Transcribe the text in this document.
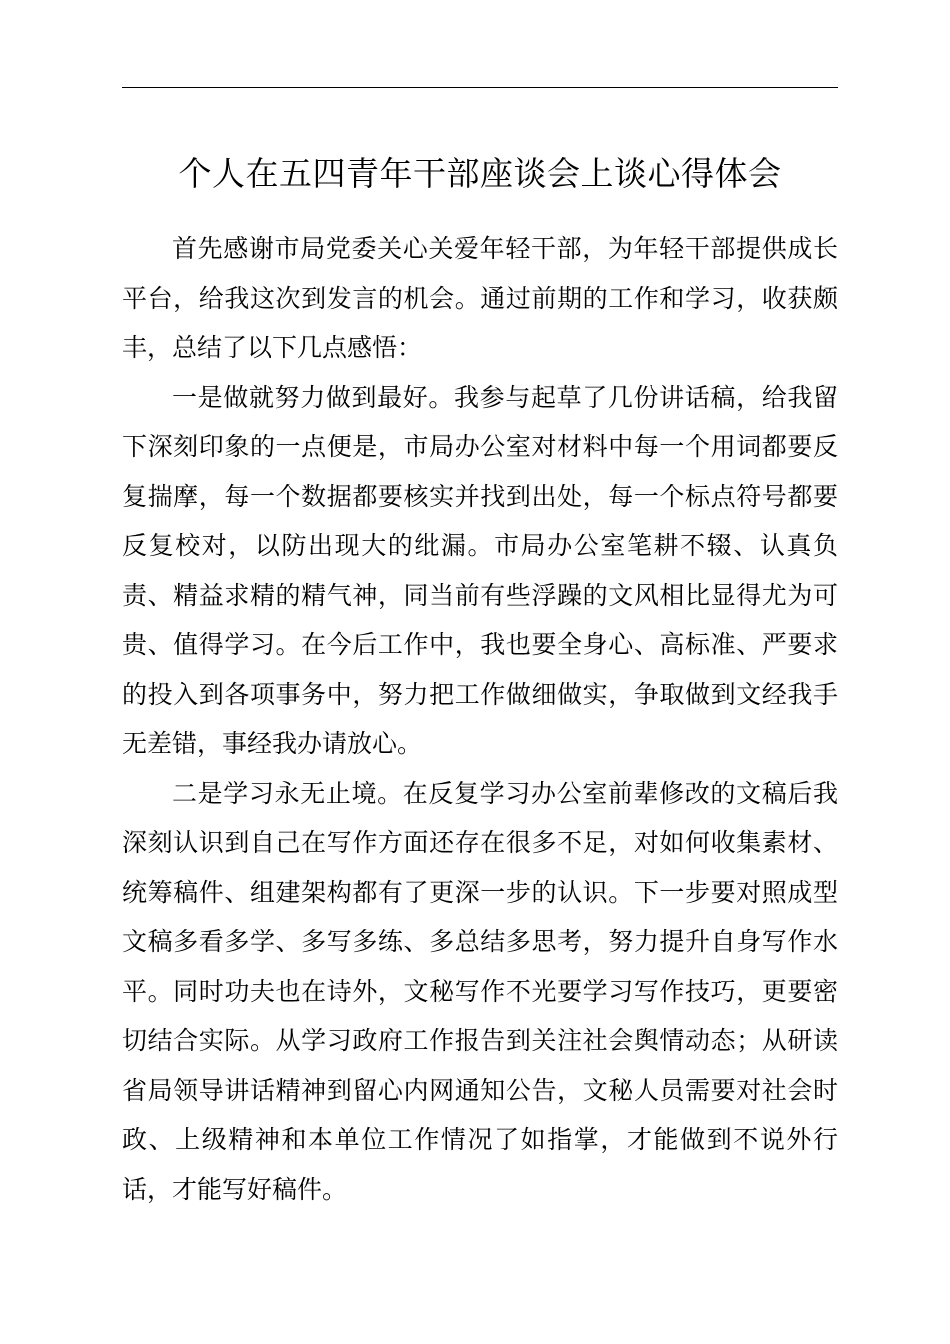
个人在五四青年干部座谈会上谈心得体会

首先感谢市局党委关心关爱年轻干部，为年轻干部提供成长平台，给我这次到发言的机会。通过前期的工作和学习，收获颇丰，总结了以下几点感悟：

一是做就努力做到最好。我参与起草了几份讲话稿，给我留下深刻印象的一点便是，市局办公室对材料中每一个用词都要反复揣摩，每一个数据都要核实并找到出处，每一个标点符号都要反复校对，以防出现大的纰漏。市局办公室笔耕不辍、认真负责、精益求精的精气神，同当前有些浮躁的文风相比显得尤为可贵、值得学习。在今后工作中，我也要全身心、高标准、严要求的投入到各项事务中，努力把工作做细做实，争取做到文经我手无差错，事经我办请放心。

二是学习永无止境。在反复学习办公室前辈修改的文稿后我深刻认识到自己在写作方面还存在很多不足，对如何收集素材、统筹稿件、组建架构都有了更深一步的认识。下一步要对照成型文稿多看多学、多写多练、多总结多思考，努力提升自身写作水平。同时功夫也在诗外，文秘写作不光要学习写作技巧，更要密切结合实际。从学习政府工作报告到关注社会舆情动态；从研读省局领导讲话精神到留心内网通知公告，文秘人员需要对社会时政、上级精神和本单位工作情况了如指掌，才能做到不说外行话，才能写好稿件。
